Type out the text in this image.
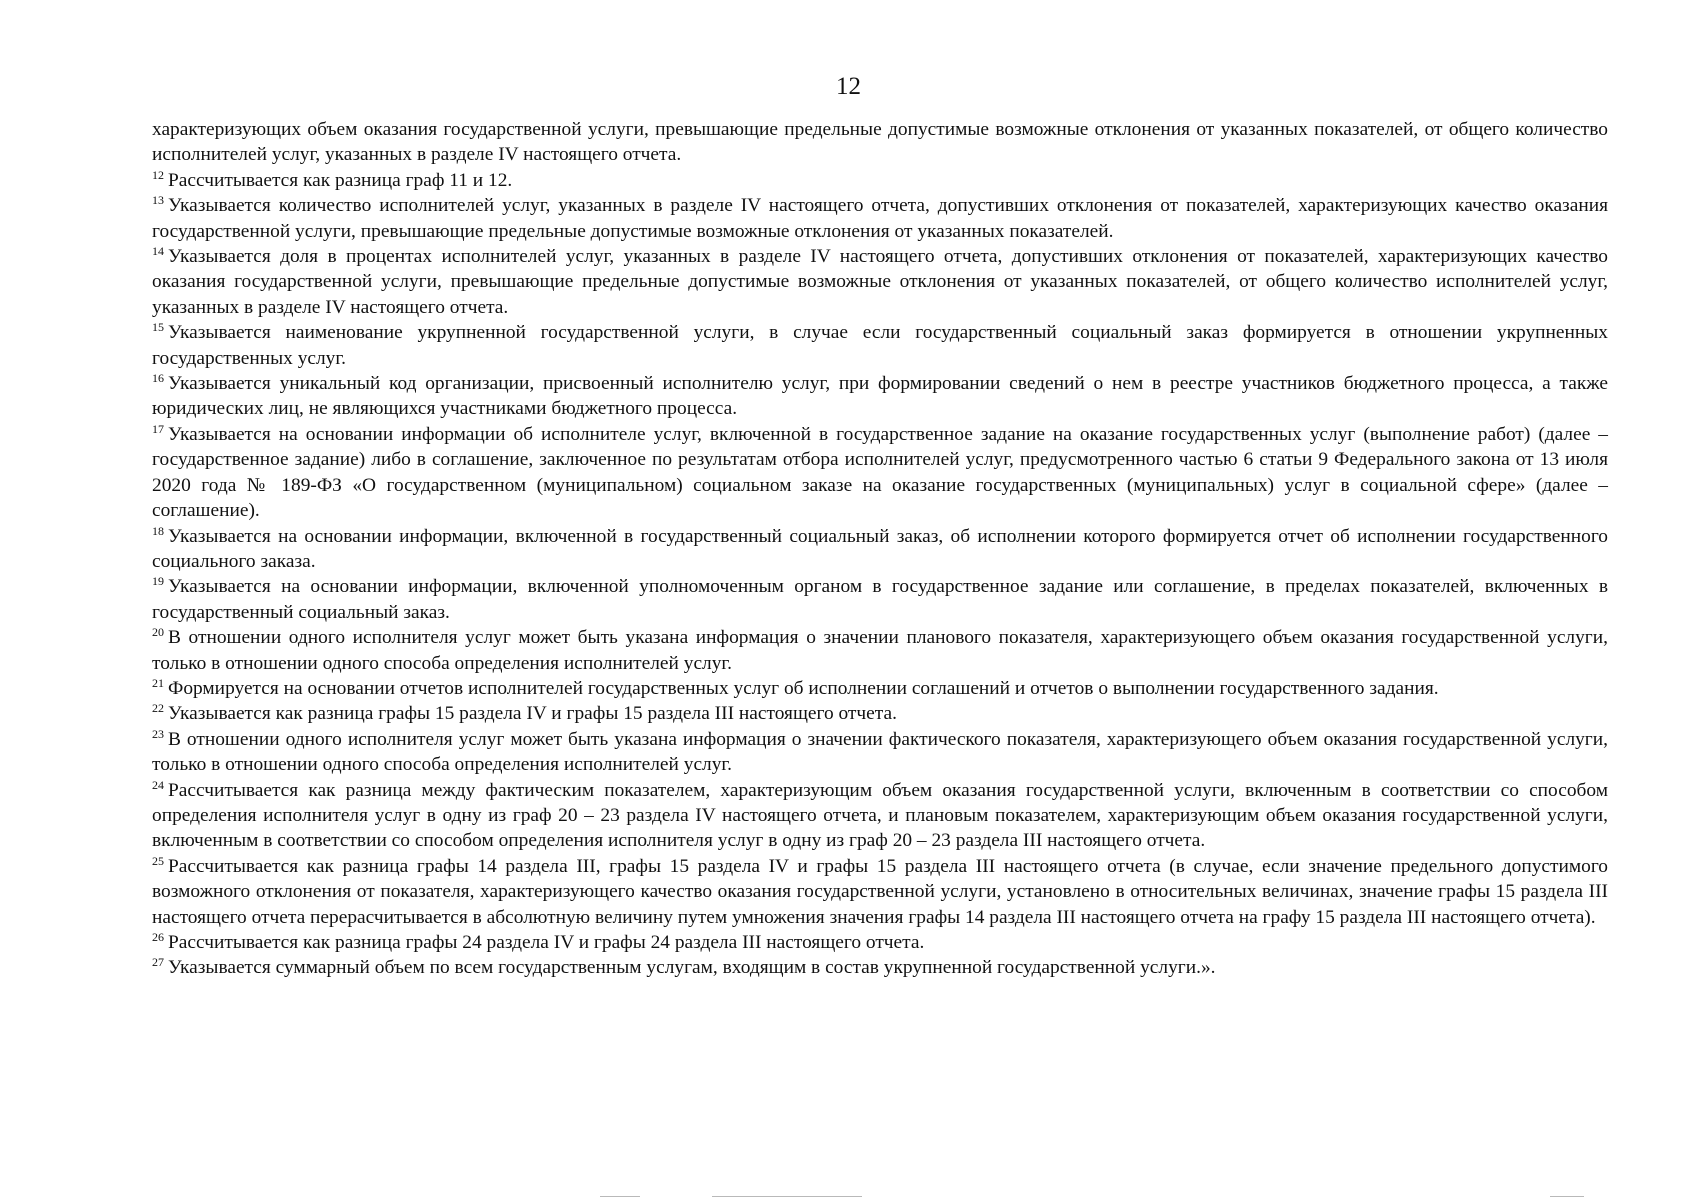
12

характеризующих объем оказания государственной услуги, превышающие предельные допустимые возможные отклонения от указанных показателей, от общего количество исполнителей услуг, указанных в разделе IV настоящего отчета.

$^{12}$ Рассчитывается как разница граф 11 и 12.

$^{13}$ Указывается количество исполнителей услуг, указанных в разделе IV настоящего отчета, допустивших отклонения от показателей, характеризующих качество оказания государственной услуги, превышающие предельные допустимые возможные отклонения от указанных показателей.

$^{14}$ Указывается доля в процентах исполнителей услуг, указанных в разделе IV настоящего отчета, допустивших отклонения от показателей, характеризующих качество оказания государственной услуги, превышающие предельные допустимые возможные отклонения от указанных показателей, от общего количество исполнителей услуг, указанных в разделе IV настоящего отчета.

$^{15}$ Указывается наименование укрупненной государственной услуги, в случае если государственный социальный заказ формируется в отношении укрупненных государственных услуг.

$^{16}$ Указывается уникальный код организации, присвоенный исполнителю услуг, при формировании сведений о нем в реестре участников бюджетного процесса, а также юридических лиц, не являющихся участниками бюджетного процесса.

$^{17}$ Указывается на основании информации об исполнителе услуг, включенной в государственное задание на оказание государственных услуг (выполнение работ) (далее – государственное задание) либо в соглашение, заключенное по результатам отбора исполнителей услуг, предусмотренного частью 6 статьи 9 Федерального закона от 13 июля 2020 года № 189-ФЗ «О государственном (муниципальном) социальном заказе на оказание государственных (муниципальных) услуг в социальной сфере» (далее – соглашение).

$^{18}$ Указывается на основании информации, включенной в государственный социальный заказ, об исполнении которого формируется отчет об исполнении государственного социального заказа.

$^{19}$ Указывается на основании информации, включенной уполномоченным органом в государственное задание или соглашение, в пределах показателей, включенных в государственный социальный заказ.

$^{20}$ В отношении одного исполнителя услуг может быть указана информация о значении планового показателя, характеризующего объем оказания государственной услуги, только в отношении одного способа определения исполнителей услуг.

$^{21}$ Формируется на основании отчетов исполнителей государственных услуг об исполнении соглашений и отчетов о выполнении государственного задания.

$^{22}$ Указывается как разница графы 15 раздела IV и графы 15 раздела III настоящего отчета.

$^{23}$ В отношении одного исполнителя услуг может быть указана информация о значении фактического показателя, характеризующего объем оказания государственной услуги, только в отношении одного способа определения исполнителей услуг.

$^{24}$ Рассчитывается как разница между фактическим показателем, характеризующим объем оказания государственной услуги, включенным в соответствии со способом определения исполнителя услуг в одну из граф 20 – 23 раздела IV настоящего отчета, и плановым показателем, характеризующим объем оказания государственной услуги, включенным в соответствии со способом определения исполнителя услуг в одну из граф 20 – 23 раздела III настоящего отчета.

$^{25}$ Рассчитывается как разница графы 14 раздела III, графы 15 раздела IV и графы 15 раздела III настоящего отчета (в случае, если значение предельного допустимого возможного отклонения от показателя, характеризующего качество оказания государственной услуги, установлено в относительных величинах, значение графы 15 раздела III настоящего отчета перерасчитывается в абсолютную величину путем умножения значения графы 14 раздела III настоящего отчета на графу 15 раздела III настоящего отчета).

$^{26}$ Рассчитывается как разница графы 24 раздела IV и графы 24 раздела III настоящего отчета.

$^{27}$ Указывается суммарный объем по всем государственным услугам, входящим в состав укрупненной государственной услуги.».
